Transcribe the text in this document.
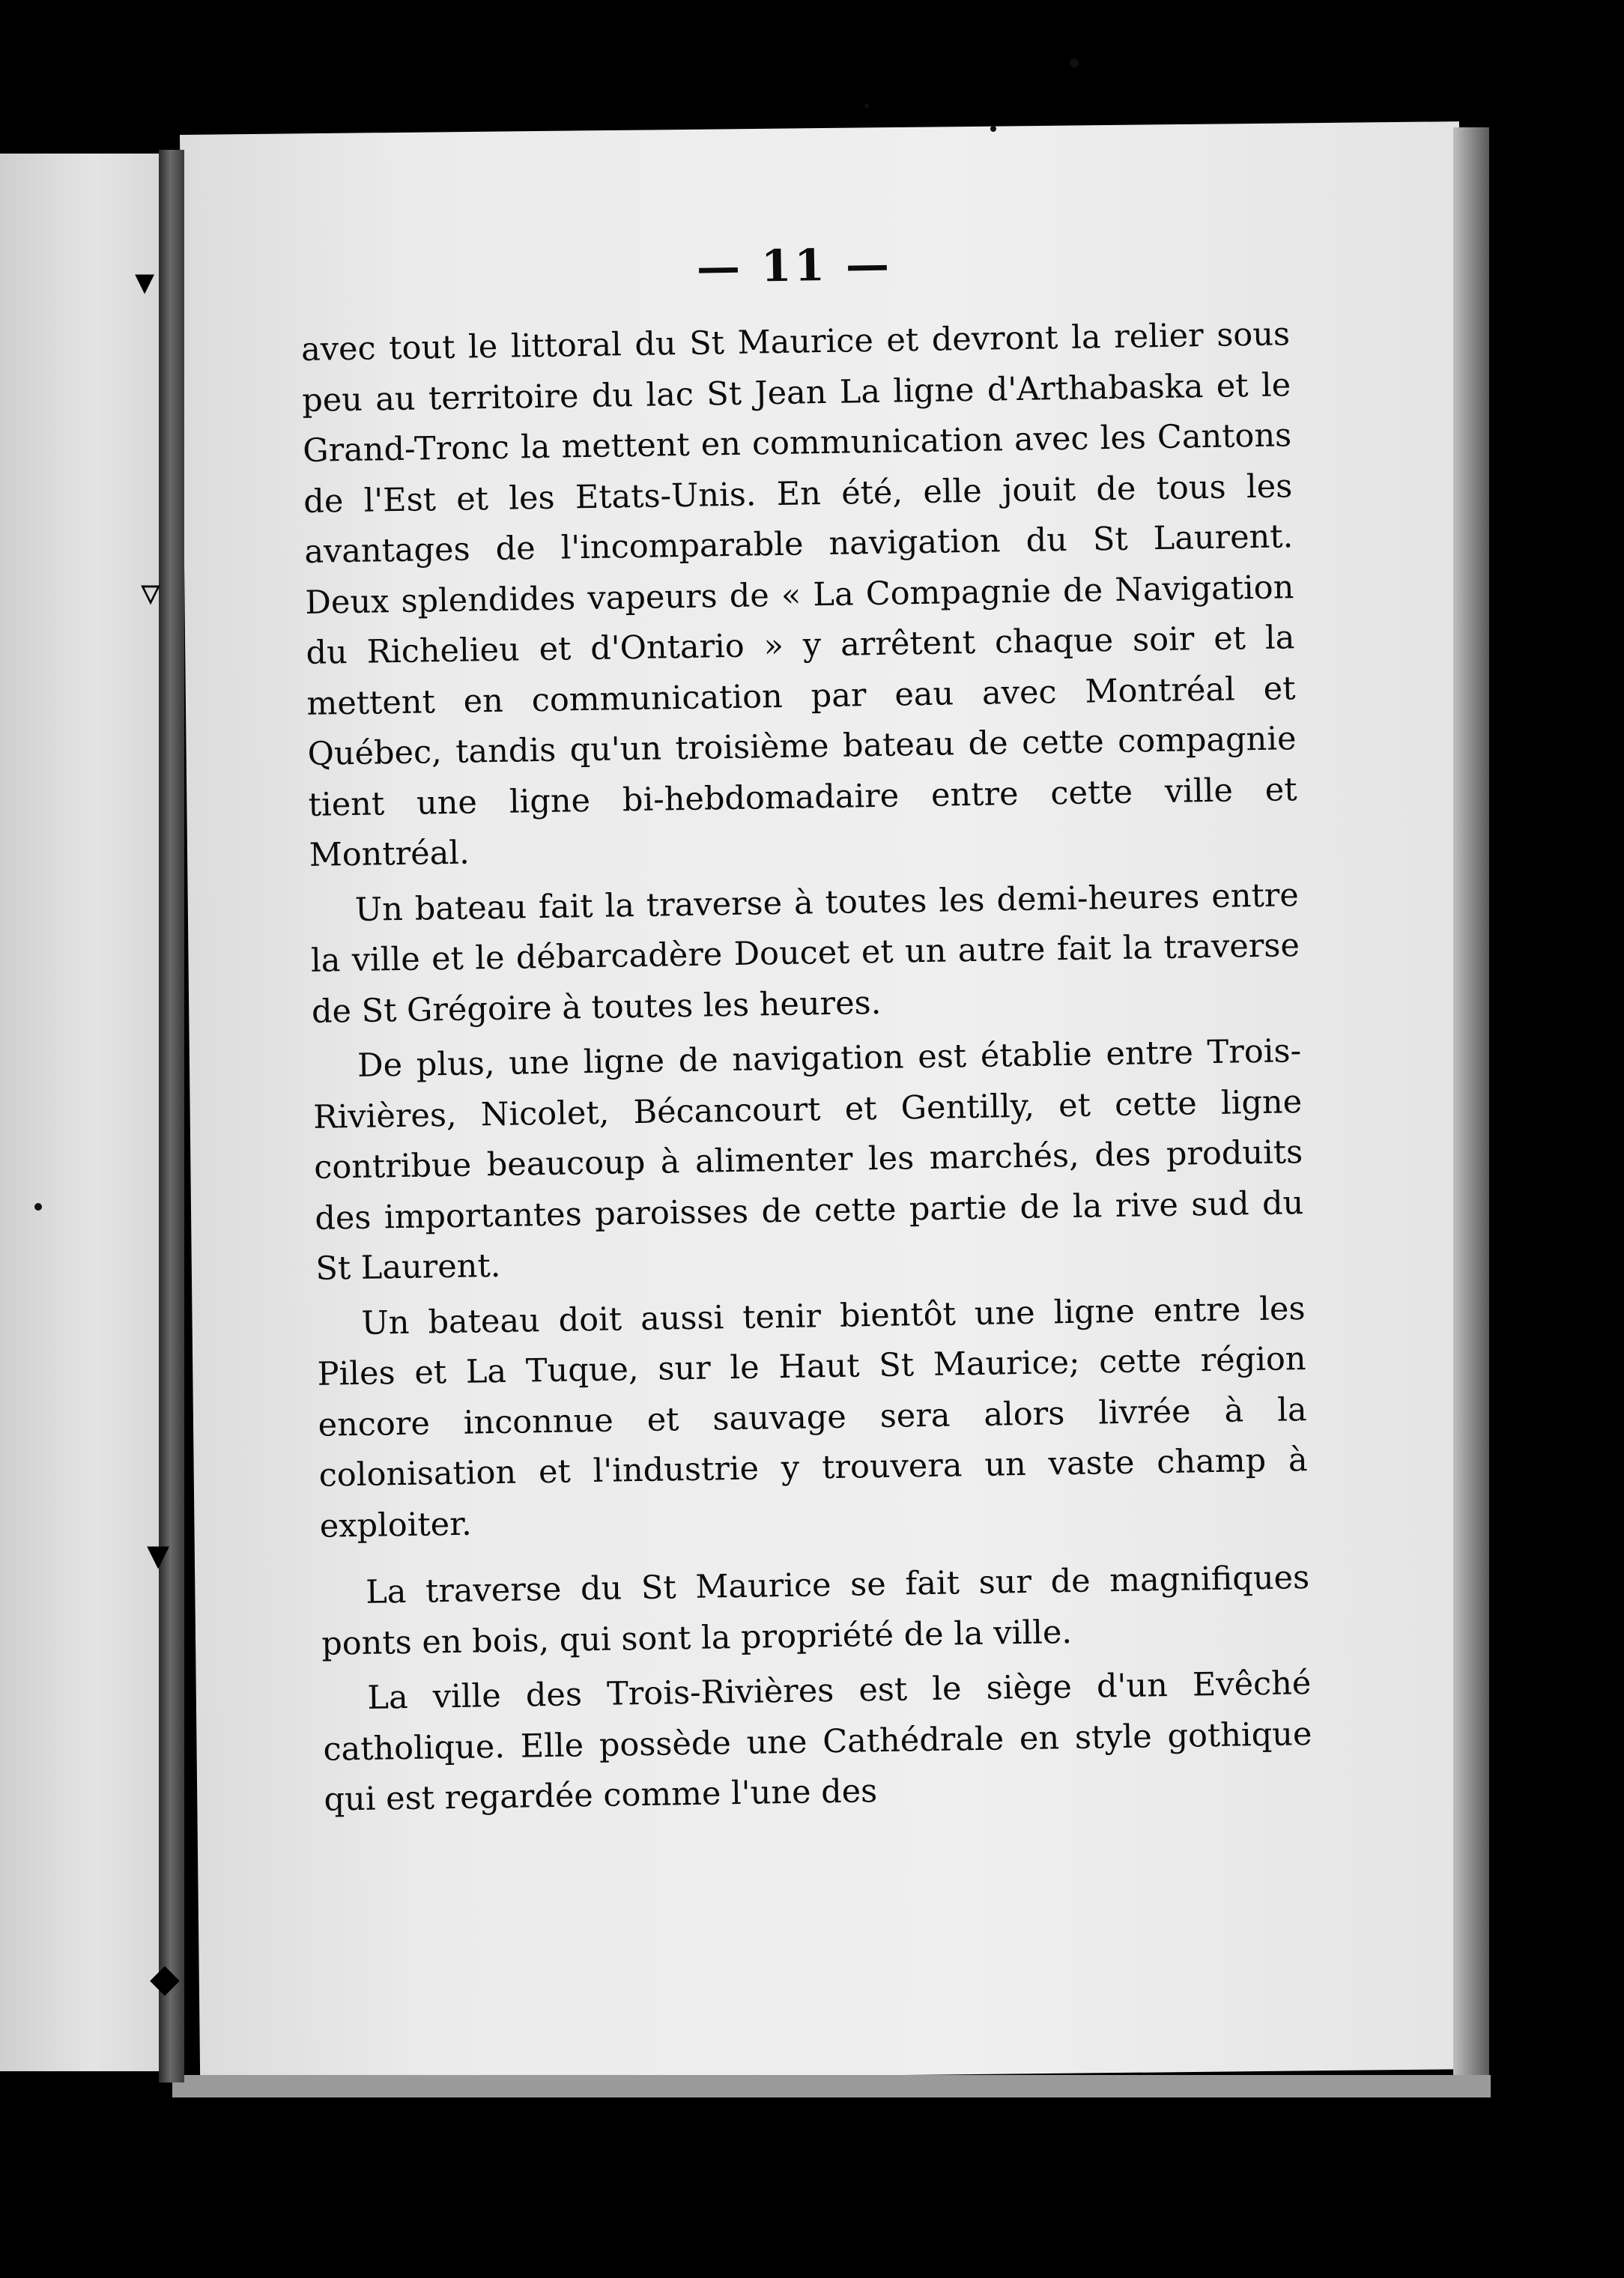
▾
▿
▾
◆
◆
— 11 —

avec tout le littoral du St Maurice et devront la relier sous peu au territoire du lac St Jean La ligne d'Arthabaska et le Grand-Tronc la mettent en communication avec les Cantons de l'Est et les Etats-Unis. En été, elle jouit de tous les avantages de l'incomparable navigation du St Laurent. Deux splendides vapeurs de « La Compagnie de Navigation du Richelieu et d'Ontario » y arrêtent chaque soir et la mettent en communication par eau avec Montréal et Québec, tandis qu'un troisième bateau de cette compagnie tient une ligne bi-hebdomadaire entre cette ville et Montréal.

Un bateau fait la traverse à toutes les demi-heures entre la ville et le débarcadère Doucet et un autre fait la traverse de St Grégoire à toutes les heures.

De plus, une ligne de navigation est établie entre Trois-Rivières, Nicolet, Bécancourt et Gentilly, et cette ligne contribue beaucoup à alimenter les marchés, des produits des importantes paroisses de cette partie de la rive sud du St Laurent.

Un bateau doit aussi tenir bientôt une ligne entre les Piles et La Tuque, sur le Haut St Maurice; cette région encore inconnue et sauvage sera alors livrée à la colonisation et l'industrie y trouvera un vaste champ à exploiter.

La traverse du St Maurice se fait sur de magnifiques ponts en bois, qui sont la propriété de la ville.

La ville des Trois-Rivières est le siège d'un Evêché catholique. Elle possède une Cathédrale en style gothique qui est regardée comme l'une des
